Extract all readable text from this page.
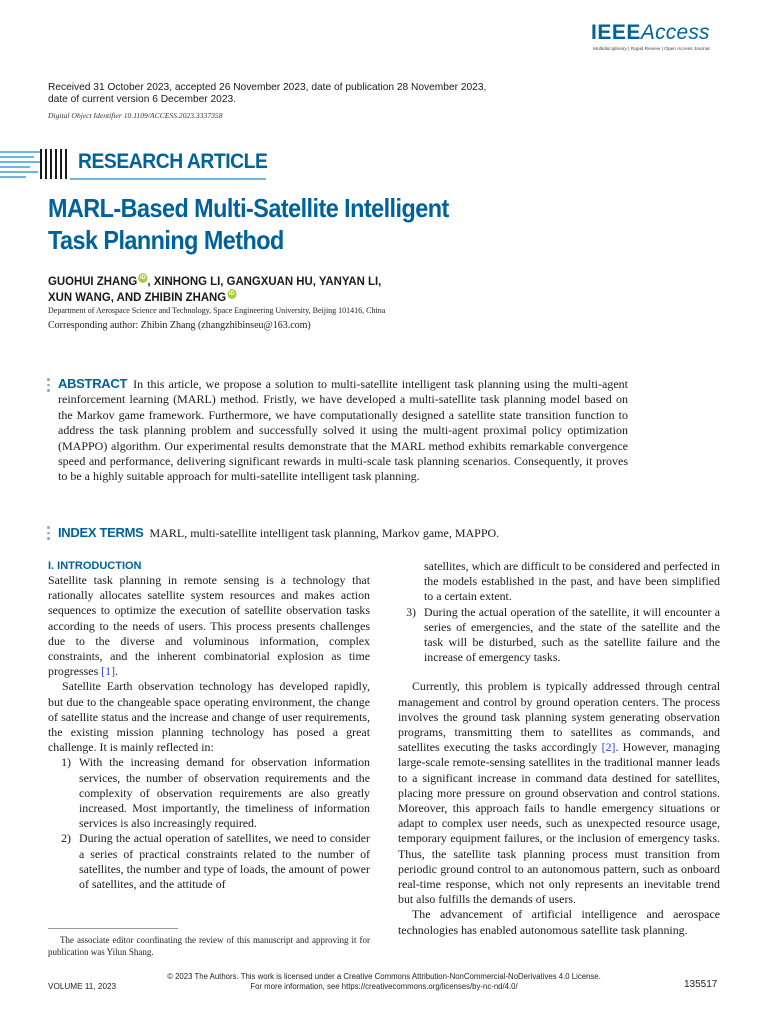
IEEEAccess
Multidisciplinary | Rapid Review | Open Access Journal
Received 31 October 2023, accepted 26 November 2023, date of publication 28 November 2023, date of current version 6 December 2023.
Digital Object Identifier 10.1109/ACCESS.2023.3337358
RESEARCH ARTICLE
MARL-Based Multi-Satellite Intelligent
Task Planning Method
GUOHUI ZHANG iD , XINHONG LI, GANGXUAN HU, YANYAN LI,
XUN WANG, AND ZHIBIN ZHANG iD
Department of Aerospace Science and Technology, Space Engineering University, Beijing 101416, China
Corresponding author: Zhibin Zhang (zhangzhibinseu@163.com)
ABSTRACT In this article, we propose a solution to multi-satellite intelligent task planning using the multi-agent reinforcement learning (MARL) method. Fristly, we have developed a multi-satellite task planning model based on the Markov game framework. Furthermore, we have computationally designed a satellite state transition function to address the task planning problem and successfully solved it using the multi-agent proximal policy optimization (MAPPO) algorithm. Our experimental results demonstrate that the MARL method exhibits remarkable convergence speed and performance, delivering significant rewards in multi-scale task planning scenarios. Consequently, it proves to be a highly suitable approach for multi-satellite intelligent task planning.
INDEX TERMS MARL, multi-satellite intelligent task planning, Markov game, MAPPO.
I. INTRODUCTION

Satellite task planning in remote sensing is a technology that rationally allocates satellite system resources and makes action sequences to optimize the execution of satellite observation tasks according to the needs of users. This process presents challenges due to the diverse and voluminous information, complex constraints, and the inherent combinatorial explosion as time progresses [1].

Satellite Earth observation technology has developed rapidly, but due to the changeable space operating environment, the change of satellite status and the increase and change of user requirements, the existing mission planning technology has posed a great challenge. It is mainly reflected in:

1) With the increasing demand for observation information services, the number of observation requirements and the complexity of observation requirements are also greatly increased. Most importantly, the timeliness of information services is also increasingly required.
2) During the actual operation of satellites, we need to consider a series of practical constraints related to the number of satellites, the number and type of loads, the amount of power of satellites, and the attitude of
The associate editor coordinating the review of this manuscript and approving it for publication was Yilun Shang.
satellites, which are difficult to be considered and perfected in the models established in the past, and have been simplified to a certain extent.
3) During the actual operation of the satellite, it will encounter a series of emergencies, and the state of the satellite and the task will be disturbed, such as the satellite failure and the increase of emergency tasks.

Currently, this problem is typically addressed through central management and control by ground operation centers. The process involves the ground task planning system generating observation programs, transmitting them to satellites as commands, and satellites executing the tasks accordingly [2]. However, managing large-scale remote-sensing satellites in the traditional manner leads to a significant increase in command data destined for satellites, placing more pressure on ground observation and control stations. Moreover, this approach fails to handle emergency situations or adapt to complex user needs, such as unexpected resource usage, temporary equipment failures, or the inclusion of emergency tasks. Thus, the satellite task planning process must transition from periodic ground control to an autonomous pattern, such as onboard real-time response, which not only represents an inevitable trend but also fulfills the demands of users.

The advancement of artificial intelligence and aerospace technologies has enabled autonomous satellite task planning.

© 2023 The Authors. This work is licensed under a Creative Commons Attribution-NonCommercial-NoDerivatives 4.0 License.
For more information, see https://creativecommons.org/licenses/by-nc-nd/4.0/
VOLUME 11, 2023	135517
